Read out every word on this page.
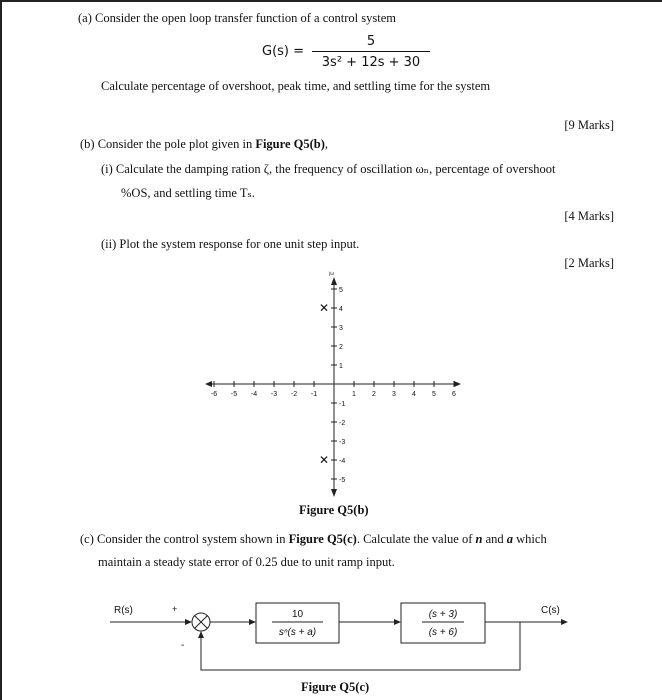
(a) Consider the open loop transfer function of a control system
G(s) =
5
3s² + 12s + 30
Calculate percentage of overshoot, peak time, and settling time for the system
[9 Marks]
(b) Consider the pole plot given in Figure Q5(b),
(i) Calculate the damping ration ζ, the frequency of oscillation ωₙ, percentage of overshoot
%OS, and settling time Tₛ.
[4 Marks]
(ii) Plot the system response for one unit step input.
[2 Marks]
jω
-6 -5 -4 -3 -2 -1	1 2 3 4 5 6
5
4
3
2
1
-1
-2
-3
-4
-5
✕
✕
Figure Q5(b)
(c) Consider the control system shown in Figure Q5(c). Calculate the value of n and a which
maintain a steady state error of 0.25 due to unit ramp input.
R(s)	C(s)
+
-
10
sⁿ(s + a)
(s + 3)
(s + 6)
Figure Q5(c)
